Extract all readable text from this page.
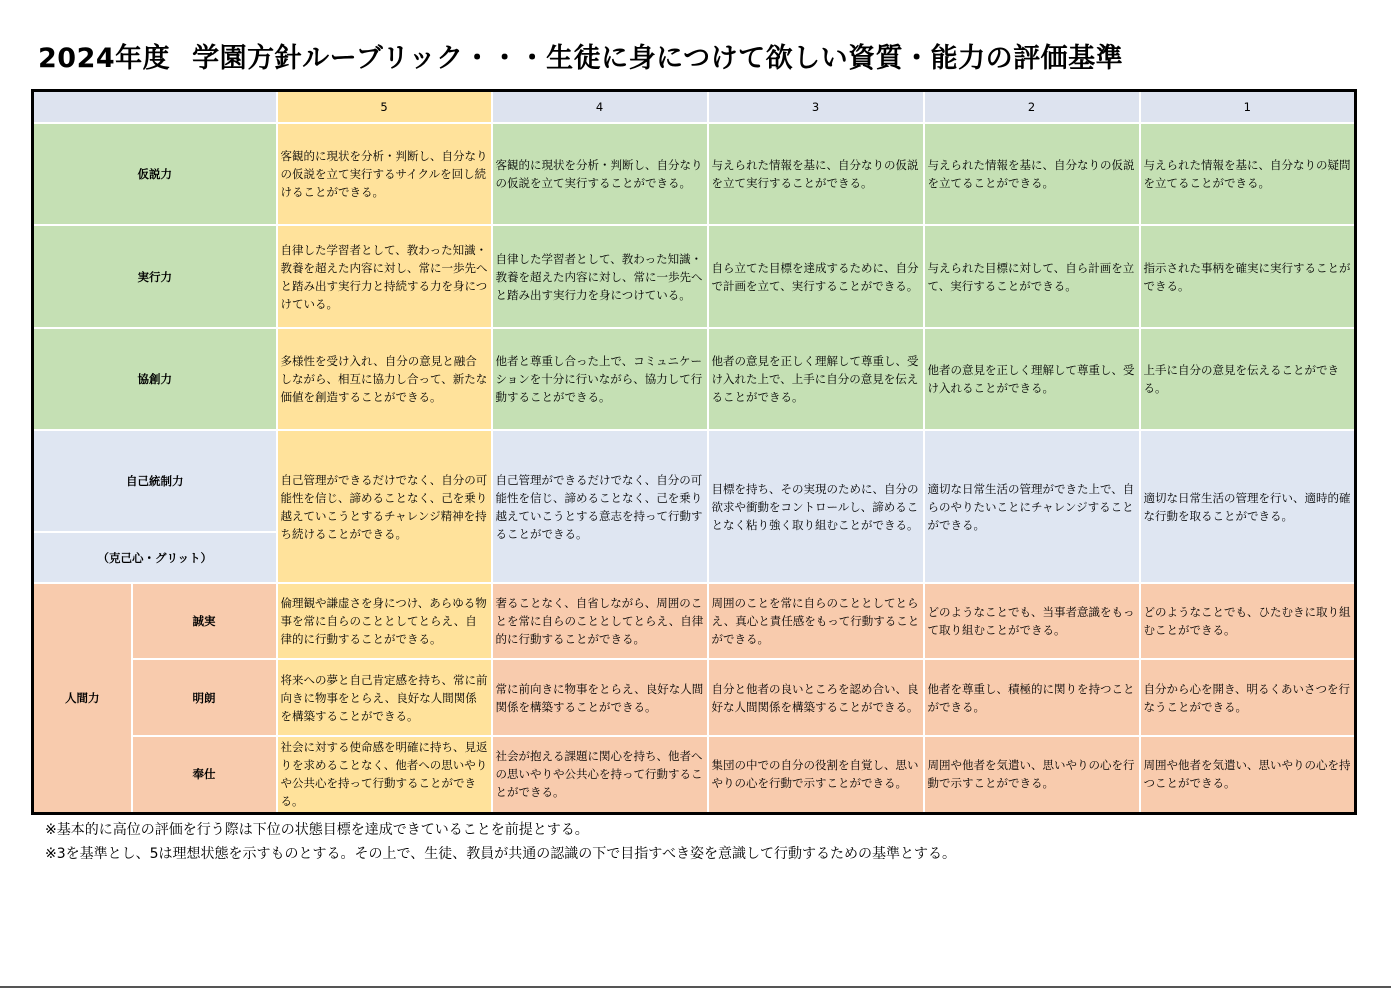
2024年度 学園方針ルーブリック・・・生徒に身につけて欲しい資質・能力の評価基準
		5	4	3	2	1
仮説力		客観的に現状を分析・判断し、自分なりの仮説を立て実行するサイクルを回し続けることができる。	客観的に現状を分析・判断し、自分なりの仮説を立て実行することができる。	与えられた情報を基に、自分なりの仮説を立て実行することができる。	与えられた情報を基に、自分なりの仮説を立てることができる。	与えられた情報を基に、自分なりの疑問を立てることができる。
実行力		自律した学習者として、教わった知識・教養を超えた内容に対し、常に一歩先へと踏み出す実行力と持続する力を身につけている。	自律した学習者として、教わった知識・教養を超えた内容に対し、常に一歩先へと踏み出す実行力を身につけている。	自ら立てた目標を達成するために、自分で計画を立て、実行することができる。	与えられた目標に対して、自ら計画を立て、実行することができる。	指示された事柄を確実に実行することができる。
協創力		多様性を受け入れ、自分の意見と融合しながら、相互に協力し合って、新たな価値を創造することができる。	他者と尊重し合った上で、コミュニケーションを十分に行いながら、協力して行動することができる。	他者の意見を正しく理解して尊重し、受け入れた上で、上手に自分の意見を伝えることができる。	他者の意見を正しく理解して尊重し、受け入れることができる。	上手に自分の意見を伝えることができる。
自己統制力		自己管理ができるだけでなく、自分の可能性を信じ、諦めることなく、己を乗り越えていこうとするチャレンジ精神を持ち続けることができる。	自己管理ができるだけでなく、自分の可能性を信じ、諦めることなく、己を乗り越えていこうとする意志を持って行動することができる。	目標を持ち、その実現のために、自分の欲求や衝動をコントロールし、諦めることなく粘り強く取り組むことができる。	適切な日常生活の管理ができた上で、自らのやりたいことにチャレンジすることができる。	適切な日常生活の管理を行い、適時的確な行動を取ることができる。
（克己心・グリット）						
人間力	誠実	倫理観や謙虚さを身につけ、あらゆる物事を常に自らのこととしてとらえ、自律的に行動することができる。	奢ることなく、自省しながら、周囲のことを常に自らのこととしてとらえ、自律的に行動することができる。	周囲のことを常に自らのこととしてとらえ、真心と責任感をもって行動することができる。	どのようなことでも、当事者意識をもって取り組むことができる。	どのようなことでも、ひたむきに取り組むことができる。
	明朗	将来への夢と自己肯定感を持ち、常に前向きに物事をとらえ、良好な人間関係を構築することができる。	常に前向きに物事をとらえ、良好な人間関係を構築することができる。	自分と他者の良いところを認め合い、良好な人間関係を構築することができる。	他者を尊重し、積極的に関りを持つことができる。	自分から心を開き、明るくあいさつを行なうことができる。
	奉仕	社会に対する使命感を明確に持ち、見返りを求めることなく、他者への思いやりや公共心を持って行動することができる。	社会が抱える課題に関心を持ち、他者への思いやりや公共心を持って行動することができる。	集団の中での自分の役割を自覚し、思いやりの心を行動で示すことができる。	周囲や他者を気遣い、思いやりの心を行動で示すことができる。	周囲や他者を気遣い、思いやりの心を持つことができる。
※基本的に高位の評価を行う際は下位の状態目標を達成できていることを前提とする。
※3を基準とし、5は理想状態を示すものとする。その上で、生徒、教員が共通の認識の下で目指すべき姿を意識して行動するための基準とする。
